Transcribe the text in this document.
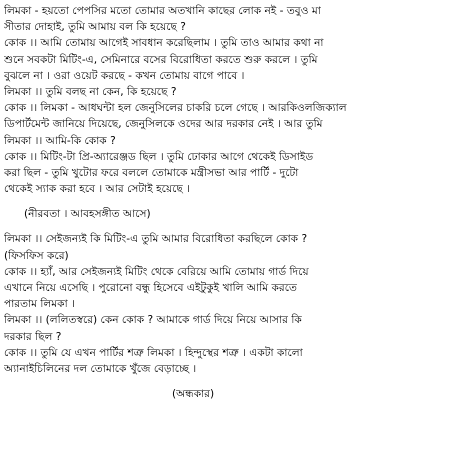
লিমকা - হয়তো পেপসির মতো তোমার অতখানি কাছের লোক নই - তবুও মা
সীতার দোহাই, তুমি আমায় বল কি হয়েছে ?
কোক ।। আমি তোমায় আগেই সাবধান করেছিলাম । তুমি তাও আমার কথা না
শুনে সবকটা মিটিং-এ, সেমিনারে বসের বিরোধিতা করতে শুরু করলে । তুমি
বুঝলে না । ওরা ওয়েট করছে - কখন তোমায় বাগে পাবে ।
লিমকা ।। তুমি বলছ না কেন, কি হয়েছে ?
কোক ।। লিমকা - আধঘন্টা হল জেনুসিলের চাকরি চলে গেছে । আরকিওলজিক্যাল
ডিপার্টমেন্ট জানিয়ে দিয়েছে, জেনুসিলকে ওদের আর দরকার নেই । আর তুমি
লিমকা ।। আমি-কি কোক ?
কোক ।। মিটিং-টা প্রি-অ্যারেঞ্জড ছিল । তুমি ঢোকার আগে থেকেই ডিসাইড
করা ছিল - তুমি খুটোর ফরে বললে তোমাকে মন্ত্রীসভা আর পার্টি - দুটো
থেকেই স্যাক করা হবে । আর সেটাই হয়েছে ।
(নীরবতা । আবহসঙ্গীত আসে)
লিমকা ।। সেইজন্যই কি মিটিং-এ তুমি আমার বিরোধিতা করছিলে কোক ?
(ফিসফিস করে)
কোক ।। হ্যাঁ, আর সেইজন্যই মিটিং থেকে বেরিয়ে আমি তোমায় গার্ড দিয়ে
এখানে নিয়ে এসেছি । পুরোনো বন্ধু হিসেবে এইটুকুই খালি আমি করতে
পারতাম লিমকা ।
লিমকা ।। (ললিতস্বরে) কেন কোক ? আমাকে গার্ড দিয়ে নিয়ে আসার কি
দরকার ছিল ?
কোক ।। তুমি যে এখন পার্টির শত্রু লিমকা । হিন্দুস্থের শত্রু । একটা কালো
অ্যানাইচিলিনের দল তোমাকে খুঁজে বেড়াচ্ছে ।
(অন্ধকার)
